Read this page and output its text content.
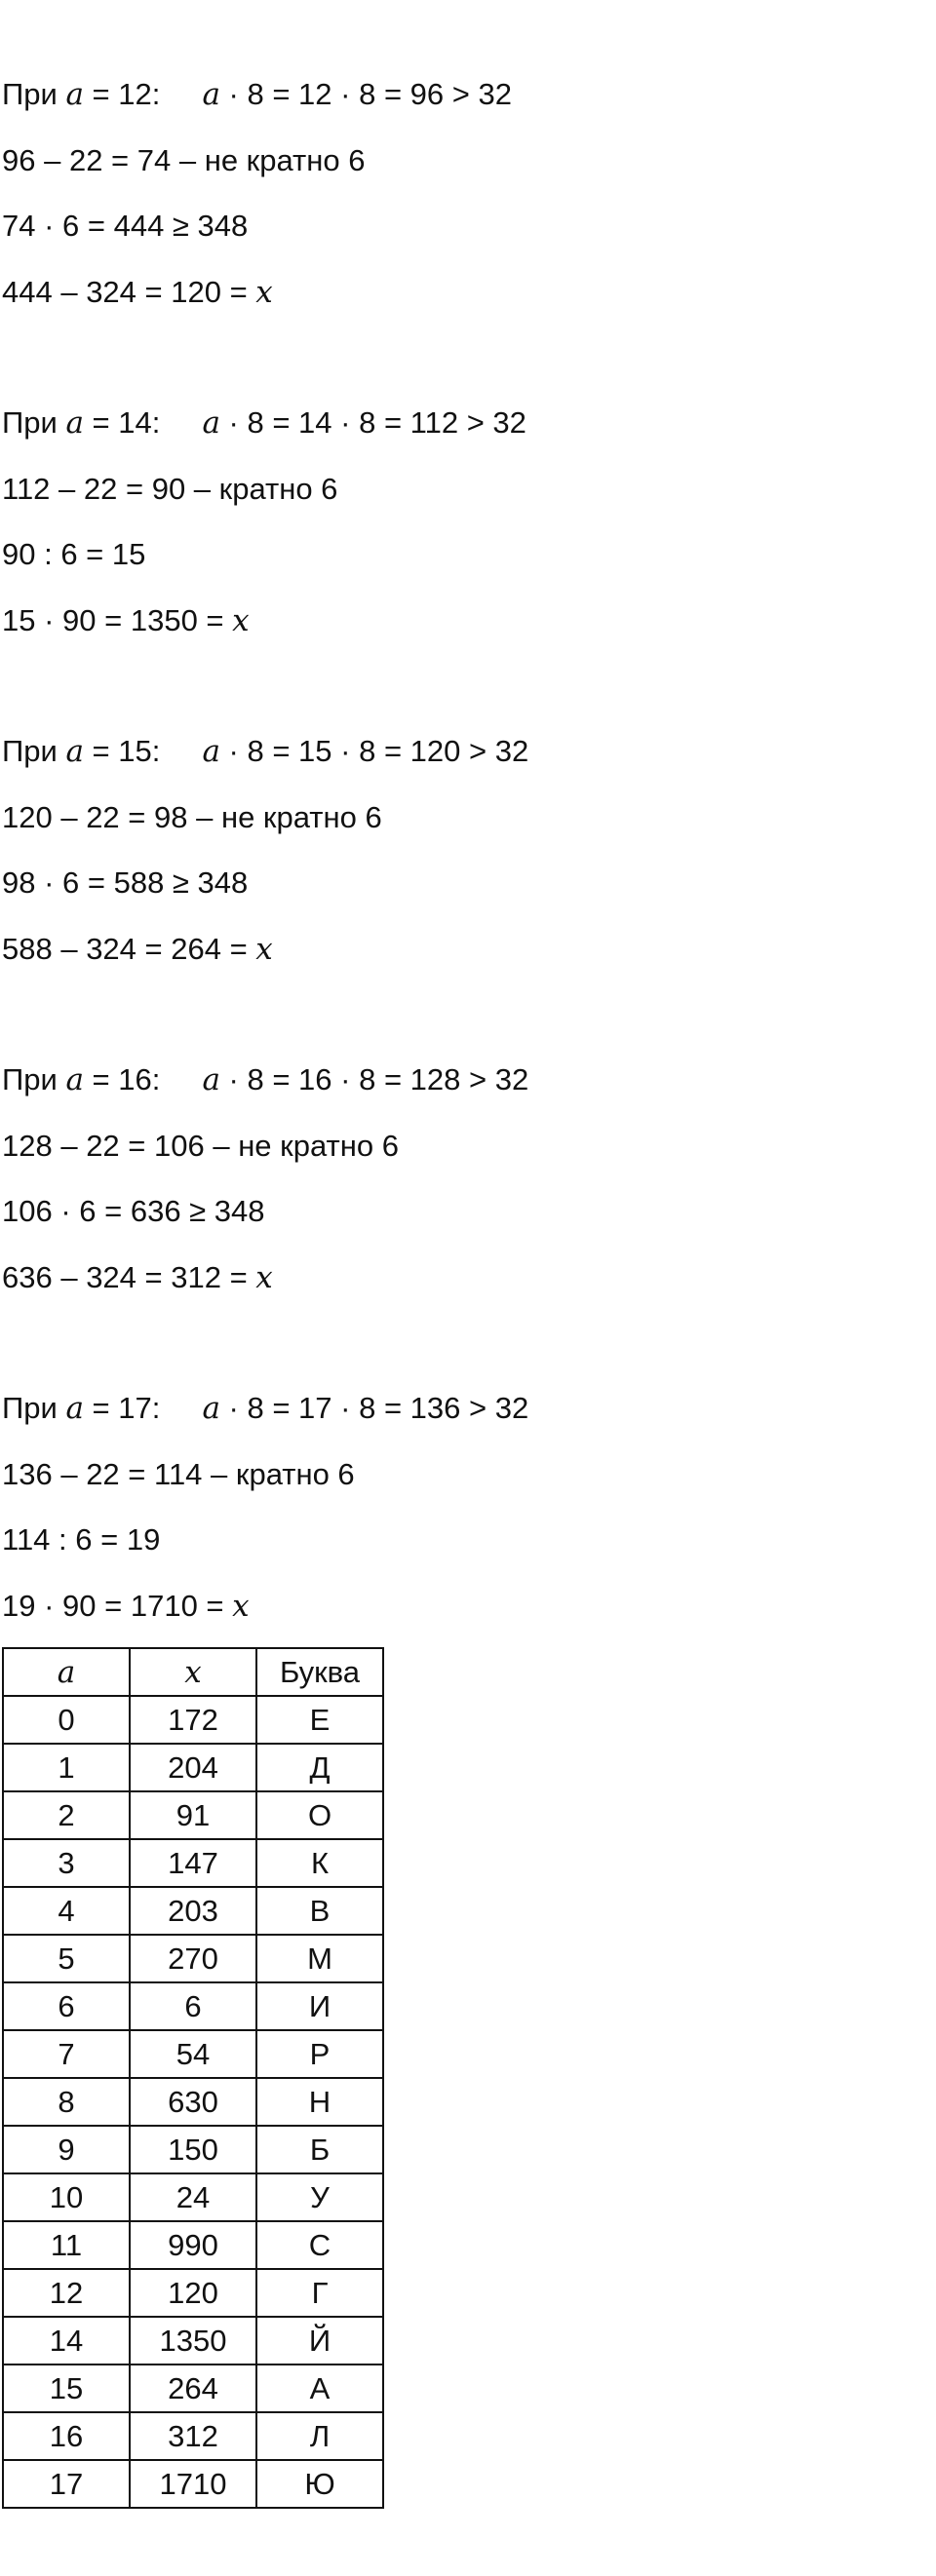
При a = 12: a · 8 = 12 · 8 = 96 > 32
96 – 22 = 74 – не кратно 6
74 · 6 = 444 ≥ 348
444 – 324 = 120 = x
При a = 14: a · 8 = 14 · 8 = 112 > 32
112 – 22 = 90 – кратно 6
90 : 6 = 15
15 · 90 = 1350 = x
При a = 15: a · 8 = 15 · 8 = 120 > 32
120 – 22 = 98 – не кратно 6
98 · 6 = 588 ≥ 348
588 – 324 = 264 = x
При a = 16: a · 8 = 16 · 8 = 128 > 32
128 – 22 = 106 – не кратно 6
106 · 6 = 636 ≥ 348
636 – 324 = 312 = x
При a = 17: a · 8 = 17 · 8 = 136 > 32
136 – 22 = 114 – кратно 6
114 : 6 = 19
19 · 90 = 1710 = x
a	x	Буква
0	172	Е
1	204	Д
2	91	О
3	147	К
4	203	В
5	270	М
6	6	И
7	54	Р
8	630	Н
9	150	Б
10	24	У
11	990	С
12	120	Г
14	1350	Й
15	264	А
16	312	Л
17	1710	Ю
